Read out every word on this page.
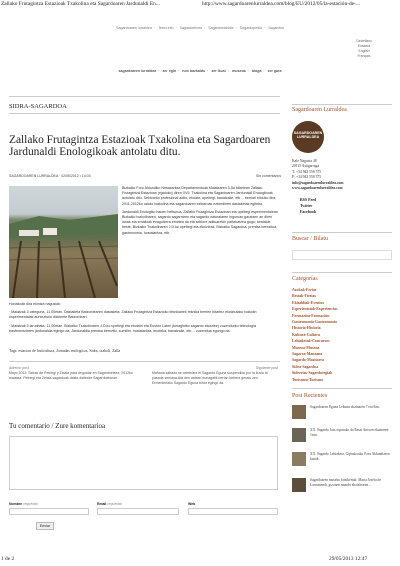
Zallako Frutagintza Estazioak Txakolina eta Sagardoaren Jardunaldi En...	http://www.sagardoarenlurraldea.com/blog/EU/2012/05/la-estación-de-...
Sagardoaren lurraldea · Testu info · Sagardoetxea · Sagardoelandia · Sagardopedia · Sagardun
Castellano
Euskara
English
Français
sagardoaren lurraldea · zer egin · non bazkaldu · zer ikusi · museoa · bloga · zer gara
SIDRA-SAGARDOA
Zallako Frutagintza Estazioak Txakolina eta Sagardoaren Jardunaldi Enologikoak antolatu ditu.
SAGARDOAREN LURRALDEA · 02/05/2012 • 14:03	Sin comentarios

Bizkaiko Foru Aldundiko Nekazaritza Departamentuak Maiatzaren 3-5a bitartean Zallako Frutagintza Estazioan (ejaduko) diren XVII. Txakolina eta Sagardoaren Jardunaldi Enologikoak antolatu ditu. Sektoreko profesional adito, ekoizle, upeltegi, banatzaile, etb… berriari bilduko dira 2011-2012ko uzkdo txakolina eta sagardoaren ezibaroak ezberdinen dastaketak egiteko.

Jardunaldi Enologiko hauen helburua, Zallako Frutagintza Estazioan eta upeltegi esperimentalean Bizkaiko txakolinaren, sagardo sagarraren eta sagardo naturalaren inguruan garatzen an diren ianak eta emaitzak ezagutzera ematea da eta sektore adituarekin partekatzea gogo; bestalde beste, Bizkaiko Txakolinaren J.D.ko upeltegi eta ekoizleak, Bizkaiko Sagardoa, prentsa berezitua, gastronomia, hostalaritza, etb.

Honakoak dira ekintza nagusiak:

· Maiatzak 3 osteguna, 11.00etan. Dastaketa Batzordearen dastaketa; Zallako Frutagintza Estazioko teknikariek teknika berrien bitartez ekoiztutako txakolin esperimentalak aurkeztuko dizkieete Batzordeari.

· Maiatzak 5 larunbata, 11.00etan. Bizkaiko Txakolinaren J.D.ko upeltegi eta ekoizlei eta Euskro Label (turlagintko sagardo ekoizlee) zuzendurko teknologia trasferentziaren jardunaldia egingo da, Jardunaldia prentsa berezitu, sumiller, hostalaritza, enoteka, banatzaile, etb… zuzendua egongo da.

Tags: estacion de fruticultura, Jornadas enologicas, Sidra, txakoli, Zalla
Anterior post
Mayo 2012: Sidras de Petriegi y Zelaia para degustar en Sagardoetxea. 2012ko maiatza: Petriegi eta Zelaia sagardoak dasta daitezke Sagardoetxean.
Siguiente post
Mañana sábado se celebrará el Sagardo Eguna suspendido por la lluvia la pasada semana.Ata den asteari euriagatik bertan behera geratu zen Ermenteriako Sagardo Eguna bihar egingo da.
Tu comentario / Zure komentarioa
Nombre requerido	Email requerido	Web
Enviar
Sagardoaren Lurraldea
SAGARDOAREN LURRALDEA
Kale Nagusia 48
20115 Astigarraga
T: +34 943 550 575
F: +34 943 550 575
info@sagardoarenlurraldea.com
www.sagardoarenlurraldea.com
RSS Feed
Twitter
Facebook
Buscar / Bilatu
Categorías
Azokak-Ferias
Bestak-Fiestas
Ekitaldiak-Eventos
Esperientziak-Experiencias
Formazioa-Formación
Gastronomia-Gastronomía
Historia-Historia
Kultura-Cultura
Lehiaketak-Concursos
Museoa-Museoa
Sagarra-Manzana
Sagardo-Mastiarra
Sidra-Sagardoa
Sidrerias-Sagardotegiak
Turismoa-Turismo
Post Recientes
Sagardoaren Eguna Lekunn ekainaren 7 eta 8an.
XX. Sagardo Jain ospatuko da Pasai Antxon ekainaren 1ean.
XX. Sagardo Lehiaketa, Gipuzkoako Foru Aldundiaren laztak.
Sagardoaren museko bitzikertak: Maria Josefa de Larramendi, gizonen mundu ekoizlearen ...
1 de 2	29/05/2013 12:47
